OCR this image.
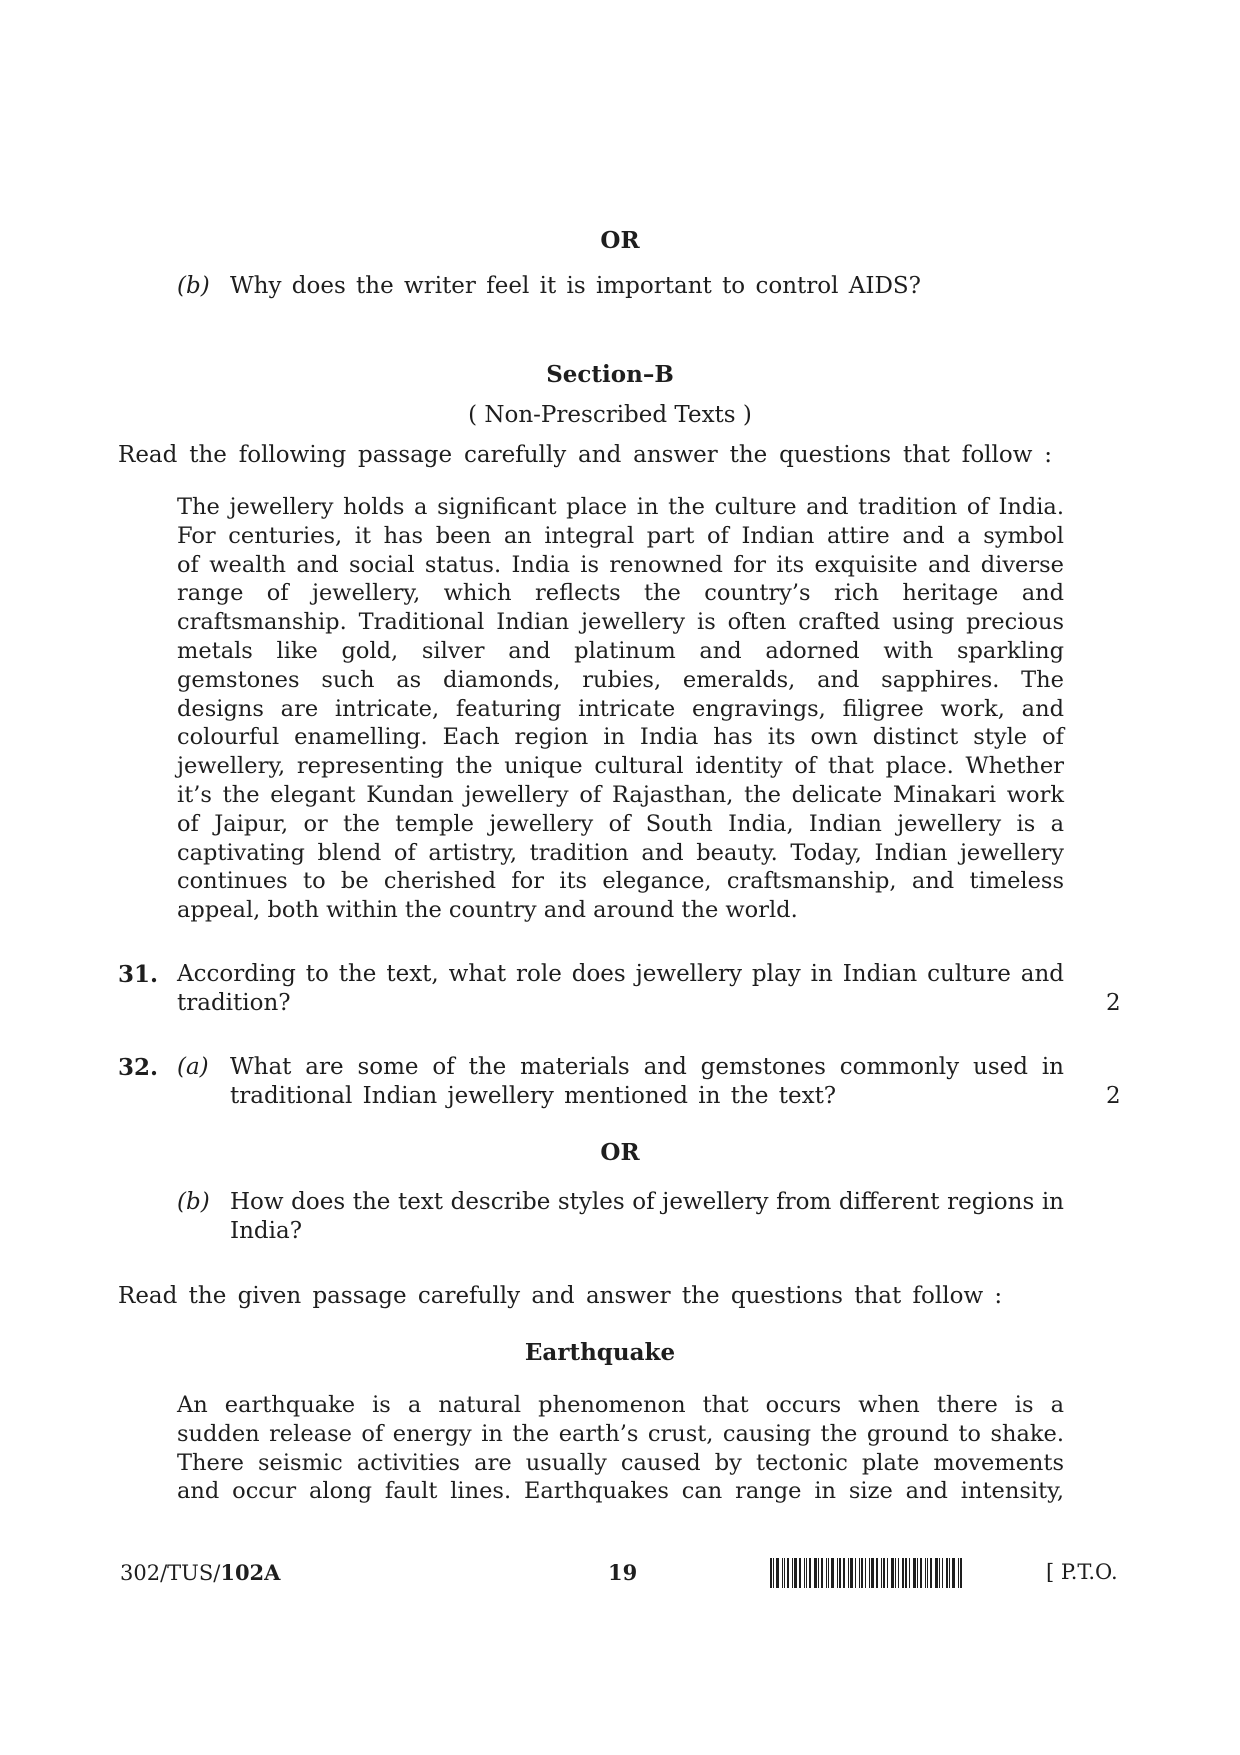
OR
(b) Why does the writer feel it is important to control AIDS?
Section–B
( Non-Prescribed Texts )
Read the following passage carefully and answer the questions that follow :
The jewellery holds a significant place in the culture and tradition of India.
For centuries, it has been an integral part of Indian attire and a symbol
of wealth and social status. India is renowned for its exquisite and diverse
range of jewellery, which reflects the country’s rich heritage and
craftsmanship. Traditional Indian jewellery is often crafted using precious
metals like gold, silver and platinum and adorned with sparkling
gemstones such as diamonds, rubies, emeralds, and sapphires. The
designs are intricate, featuring intricate engravings, filigree work, and
colourful enamelling. Each region in India has its own distinct style of
jewellery, representing the unique cultural identity of that place. Whether
it’s the elegant Kundan jewellery of Rajasthan, the delicate Minakari work
of Jaipur, or the temple jewellery of South India, Indian jewellery is a
captivating blend of artistry, tradition and beauty. Today, Indian jewellery
continues to be cherished for its elegance, craftsmanship, and timeless
appeal, both within the country and around the world.
31. According to the text, what role does jewellery play in Indian culture and
tradition?	2
32. (a) What are some of the materials and gemstones commonly used in
traditional Indian jewellery mentioned in the text?	2
OR
(b) How does the text describe styles of jewellery from different regions in
India?
Read the given passage carefully and answer the questions that follow :
Earthquake
An earthquake is a natural phenomenon that occurs when there is a
sudden release of energy in the earth’s crust, causing the ground to shake.
There seismic activities are usually caused by tectonic plate movements
and occur along fault lines. Earthquakes can range in size and intensity,
302/TUS/102A	19	[ P.T.O.
